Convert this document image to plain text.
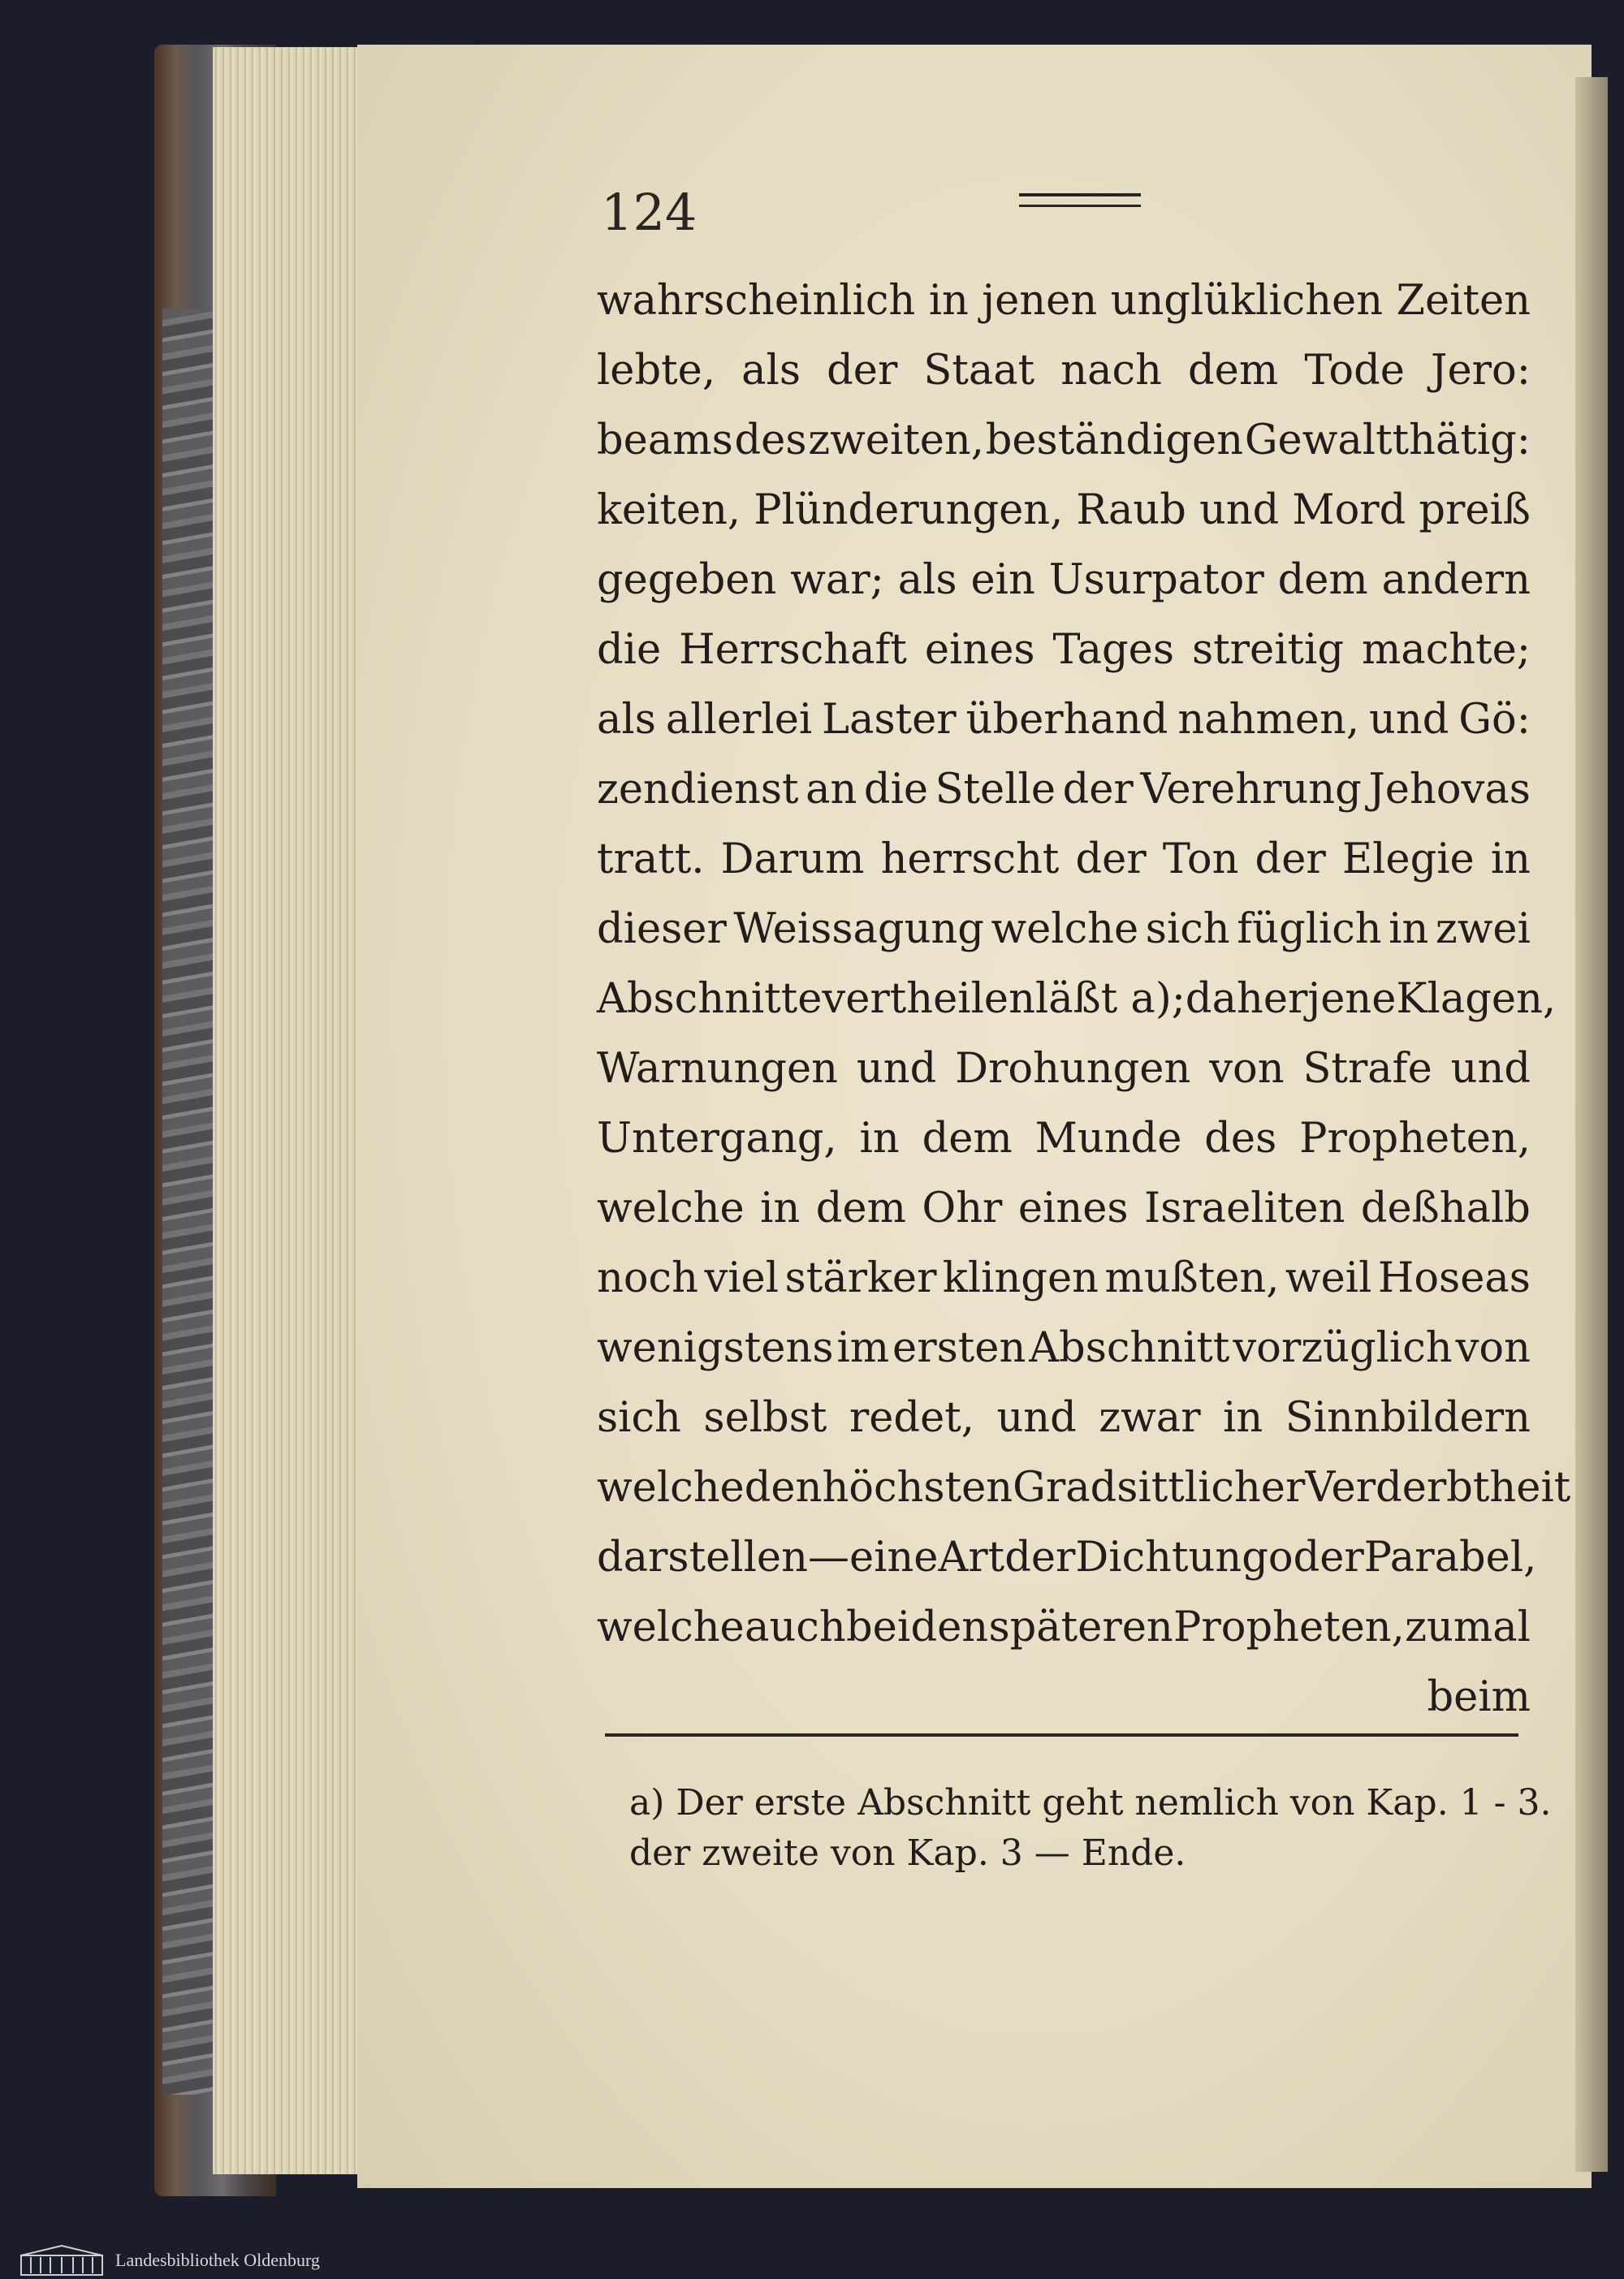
124
wahrscheinlich in jenen unglüklichen Zeiten
lebte, als der Staat nach dem Tode Jero:
beams des zweiten, beständigen Gewaltthätig:
keiten, Plünderungen, Raub und Mord preiß
gegeben war; als ein Usurpator dem andern
die Herrschaft eines Tages streitig machte;
als allerlei Laster überhand nahmen, und Gö:
zendienst an die Stelle der Verehrung Jehovas
tratt. Darum herrscht der Ton der Elegie in
dieser Weissagung welche sich füglich in zwei
Abschnitte vertheilen läßt a); daher jene Klagen,
Warnungen und Drohungen von Strafe und
Untergang, in dem Munde des Propheten,
welche in dem Ohr eines Israeliten deßhalb
noch viel stärker klingen mußten, weil Hoseas
wenigstens im ersten Abschnitt vorzüglich von
sich selbst redet, und zwar in Sinnbildern
welche den höchsten Grad sittlicher Verderbtheit
darstellen — eine Art der Dichtung oder Parabel,
welche auch bei den späteren Propheten, zumal
beim
a) Der erste Abschnitt geht nemlich von Kap. 1 - 3.
der zweite von Kap. 3 — Ende.
Landesbibliothek Oldenburg
